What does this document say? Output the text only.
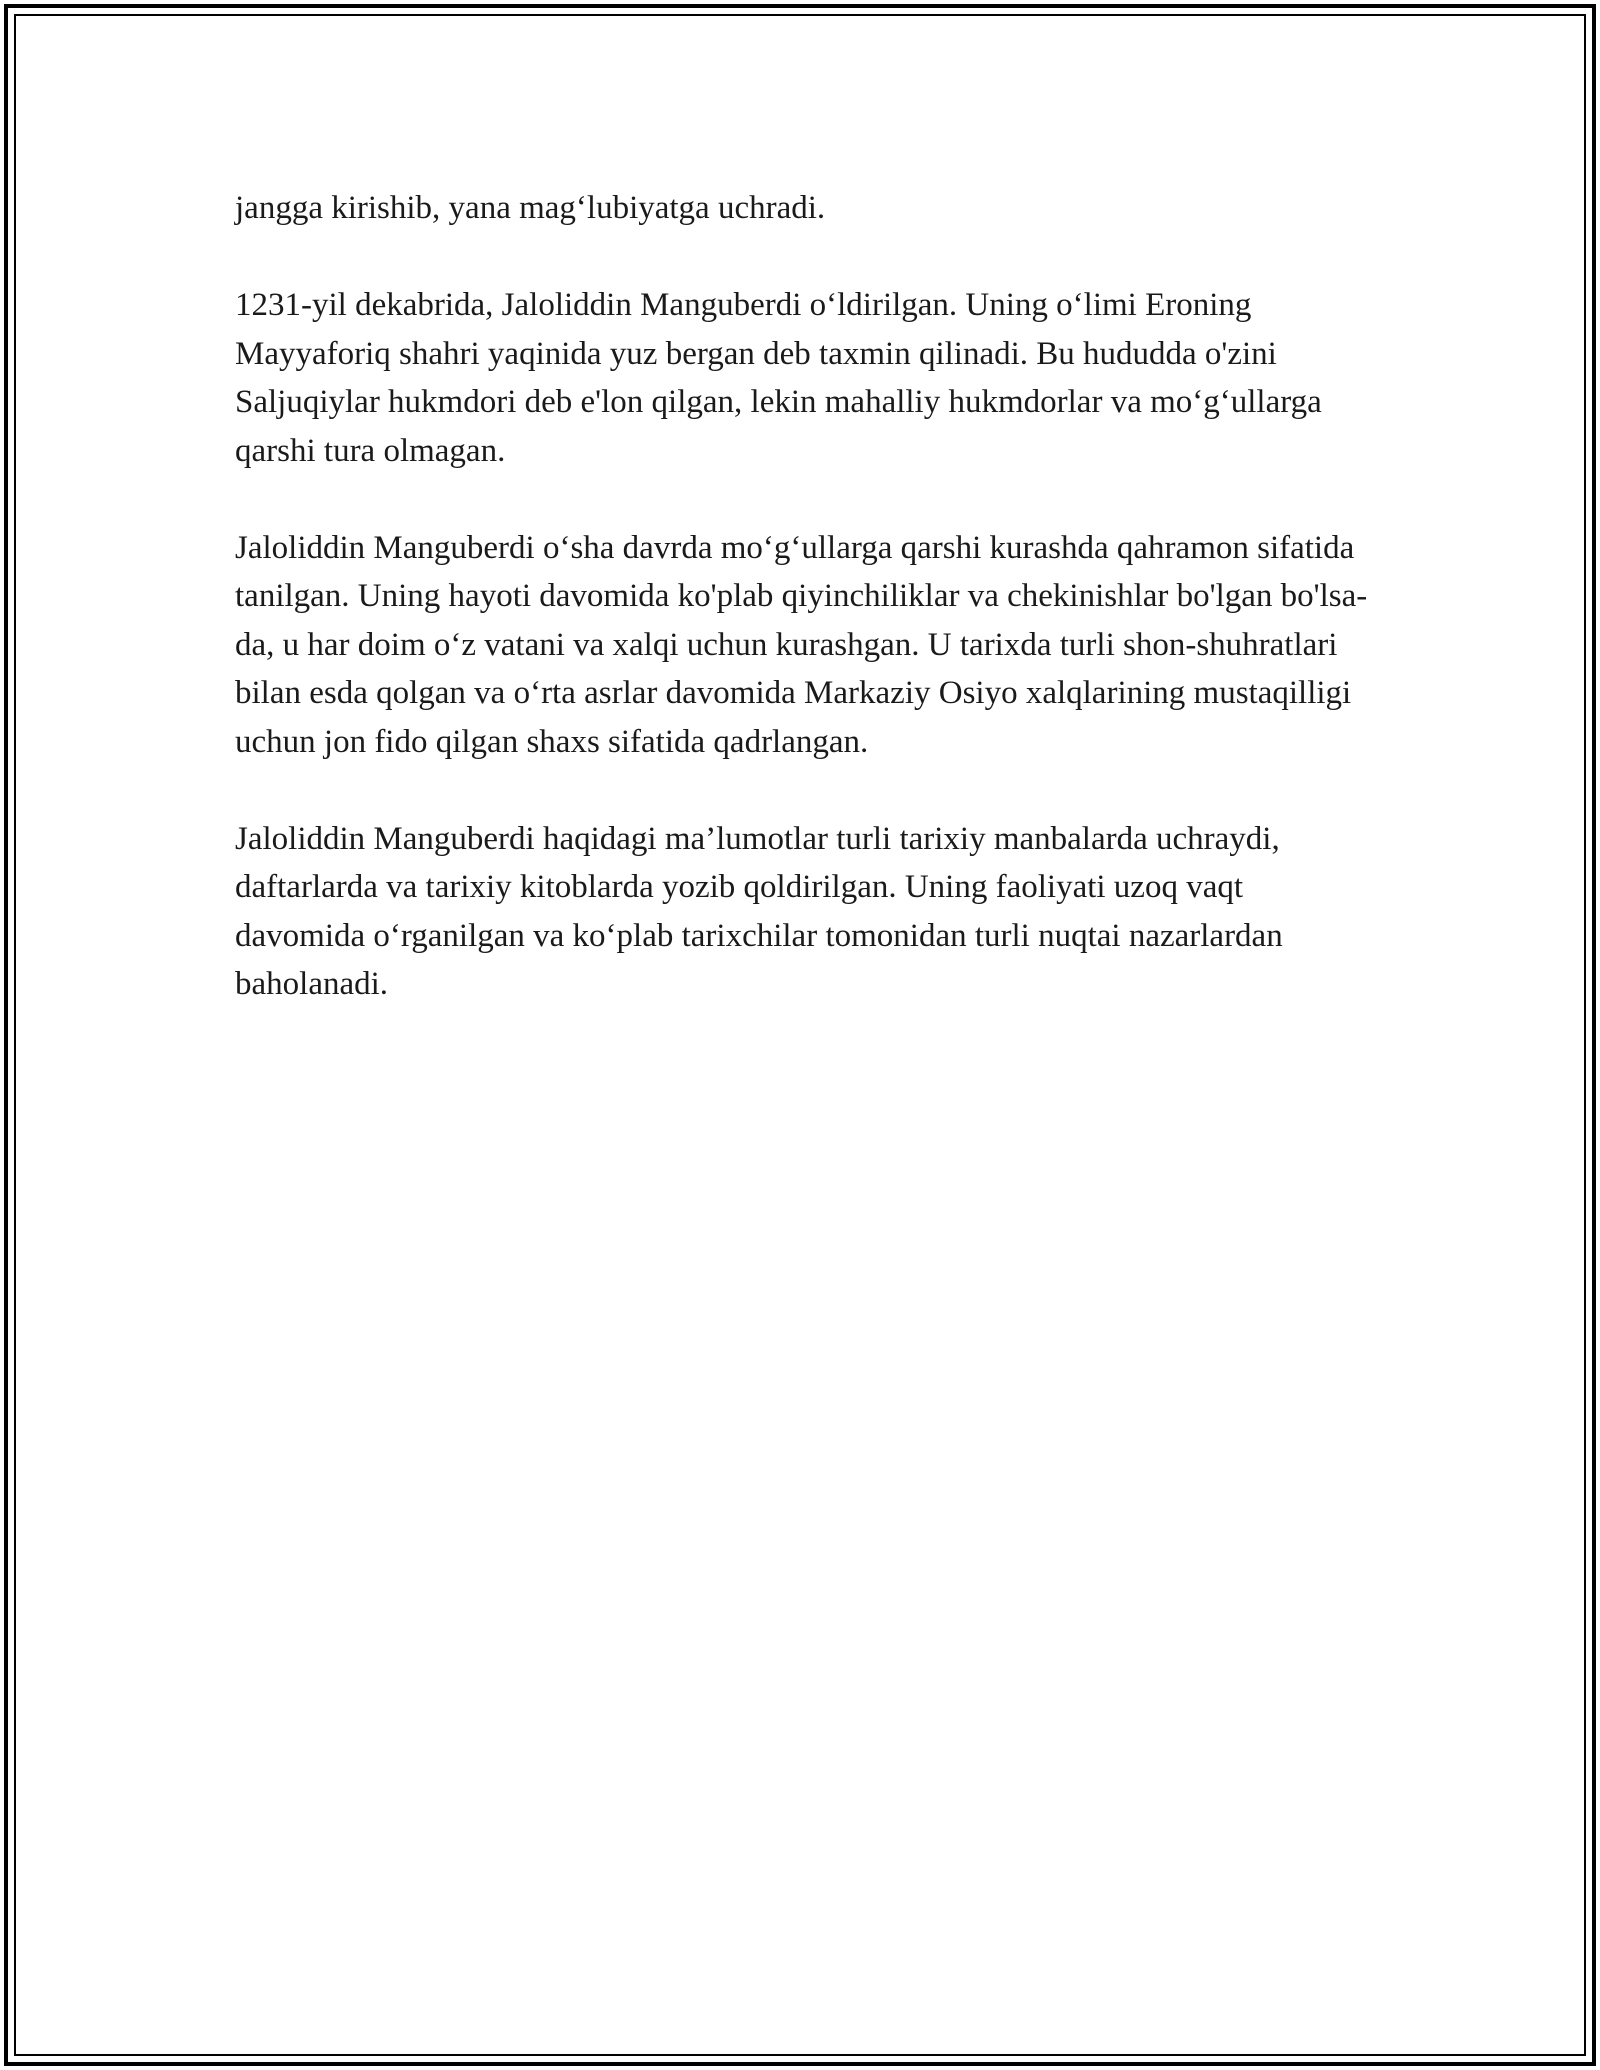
jangga kirishib, yana mag‘lubiyatga uchradi.

1231-yil dekabrida, Jaloliddin Manguberdi o‘ldirilgan. Uning o‘limi Eroning Mayyaforiq shahri yaqinida yuz bergan deb taxmin qilinadi. Bu hududda o'zini Saljuqiylar hukmdori deb e'lon qilgan, lekin mahalliy hukmdorlar va mo‘g‘ullarga qarshi tura olmagan.

Jaloliddin Manguberdi o‘sha davrda mo‘g‘ullarga qarshi kurashda qahramon sifatida tanilgan. Uning hayoti davomida ko'plab qiyinchiliklar va chekinishlar bo'lgan bo'lsa-da, u har doim o‘z vatani va xalqi uchun kurashgan. U tarixda turli shon-shuhratlari bilan esda qolgan va o‘rta asrlar davomida Markaziy Osiyo xalqlarining mustaqilligi uchun jon fido qilgan shaxs sifatida qadrlangan.

Jaloliddin Manguberdi haqidagi ma’lumotlar turli tarixiy manbalarda uchraydi, daftarlarda va tarixiy kitoblarda yozib qoldirilgan. Uning faoliyati uzoq vaqt davomida o‘rganilgan va ko‘plab tarixchilar tomonidan turli nuqtai nazarlardan baholanadi.
